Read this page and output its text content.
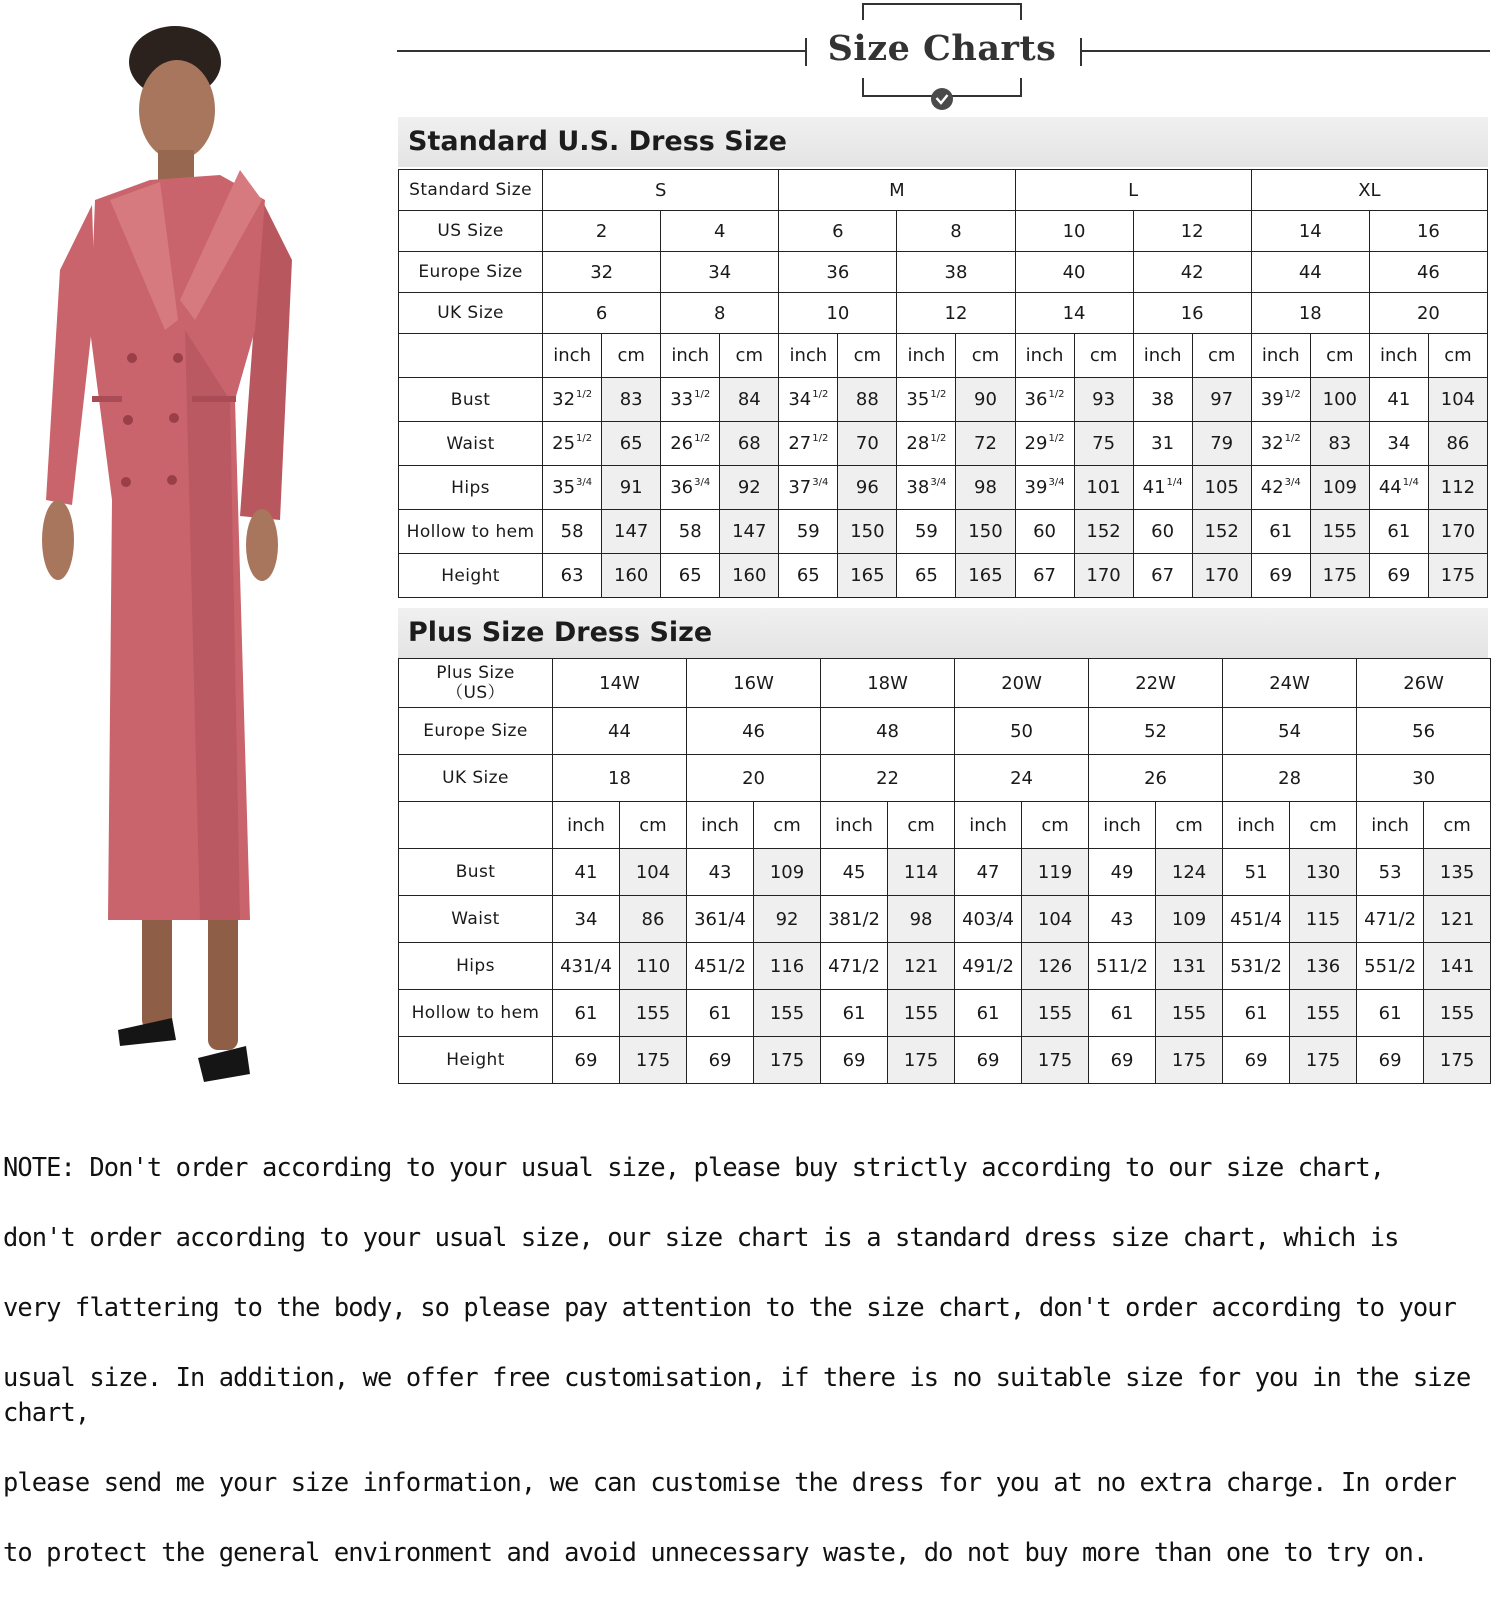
Size Charts
Standard U.S. Dress Size
Standard Size	S				M				L				XL			
US Size	2		4		6		8		10		12		14		16	
Europe Size	32		34		36		38		40		42		44		46	
UK Size	6		8		10		12		14		16		18		20	
	inch	cm	inch	cm	inch	cm	inch	cm	inch	cm	inch	cm	inch	cm	inch	cm
Bust	$32^{1/2}$	83	$33^{1/2}$	84	$34^{1/2}$	88	$35^{1/2}$	90	$36^{1/2}$	93	38	97	$39^{1/2}$	100	41	104
Waist	$25^{1/2}$	65	$26^{1/2}$	68	$27^{1/2}$	70	$28^{1/2}$	72	$29^{1/2}$	75	31	79	$32^{1/2}$	83	34	86
Hips	$35^{3/4}$	91	$36^{3/4}$	92	$37^{3/4}$	96	$38^{3/4}$	98	$39^{3/4}$	101	$41^{1/4}$	105	$42^{3/4}$	109	$44^{1/4}$	112
Hollow to hem	58	147	58	147	59	150	59	150	60	152	60	152	61	155	61	170
Height	63	160	65	160	65	165	65	165	67	170	67	170	69	175	69	175
Plus Size Dress Size
Plus Size
（US）	14W		16W		18W		20W		22W		24W		26W	
Europe Size	44		46		48		50		52		54		56	
UK Size	18		20		22		24		26		28		30	
	inch	cm	inch	cm	inch	cm	inch	cm	inch	cm	inch	cm	inch	cm
Bust	41	104	43	109	45	114	47	119	49	124	51	130	53	135
Waist	34	86	361/4	92	381/2	98	403/4	104	43	109	451/4	115	471/2	121
Hips	431/4	110	451/2	116	471/2	121	491/2	126	511/2	131	531/2	136	551/2	141
Hollow to hem	61	155	61	155	61	155	61	155	61	155	61	155	61	155
Height	69	175	69	175	69	175	69	175	69	175	69	175	69	175

NOTE: Don't order according to your usual size, please buy strictly according to our size chart,

don't order according to your usual size, our size chart is a standard dress size chart, which is

very flattering to the body, so please pay attention to the size chart, don't order according to your

usual size. In addition, we offer free customisation, if there is no suitable size for you in the size chart,

please send me your size information, we can customise the dress for you at no extra charge. In order

to protect the general environment and avoid unnecessary waste, do not buy more than one to try on.
